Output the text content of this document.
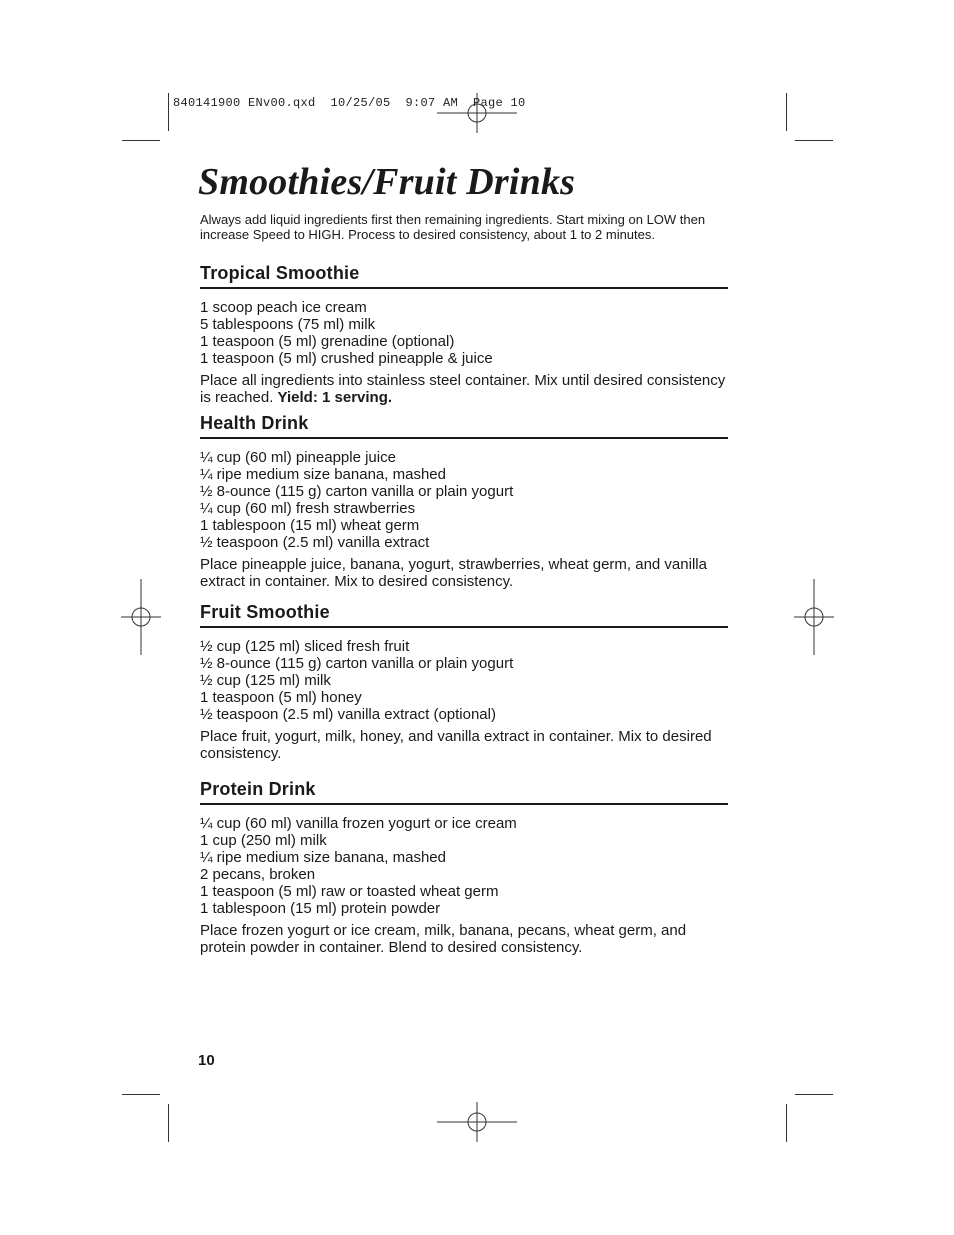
840141900 ENv00.qxd  10/25/05  9:07 AM  Page 10
Smoothies/Fruit Drinks

Always add liquid ingredients first then remaining ingredients. Start mixing on LOW then increase Speed to HIGH. Process to desired consistency, about 1 to 2 minutes.

Tropical Smoothie
1 scoop peach ice cream
5 tablespoons (75 ml) milk
1 teaspoon (5 ml) grenadine (optional)
1 teaspoon (5 ml) crushed pineapple & juice

Place all ingredients into stainless steel container. Mix until desired consistency is reached. Yield: 1 serving.

Health Drink
¼ cup (60 ml) pineapple juice
¼ ripe medium size banana, mashed
½ 8-ounce (115 g) carton vanilla or plain yogurt
¼ cup (60 ml) fresh strawberries
1 tablespoon (15 ml) wheat germ
½ teaspoon (2.5 ml) vanilla extract

Place pineapple juice, banana, yogurt, strawberries, wheat germ, and vanilla extract in container. Mix to desired consistency.

Fruit Smoothie
½ cup (125 ml) sliced fresh fruit
½ 8-ounce (115 g) carton vanilla or plain yogurt
½ cup (125 ml) milk
1 teaspoon (5 ml) honey
½ teaspoon (2.5 ml) vanilla extract (optional)

Place fruit, yogurt, milk, honey, and vanilla extract in container. Mix to desired consistency.

Protein Drink
¼ cup (60 ml) vanilla frozen yogurt or ice cream
1 cup (250 ml) milk
¼ ripe medium size banana, mashed
2 pecans, broken
1 teaspoon (5 ml) raw or toasted wheat germ
1 tablespoon (15 ml) protein powder

Place frozen yogurt or ice cream, milk, banana, pecans, wheat germ, and protein powder in container. Blend to desired consistency.

10
